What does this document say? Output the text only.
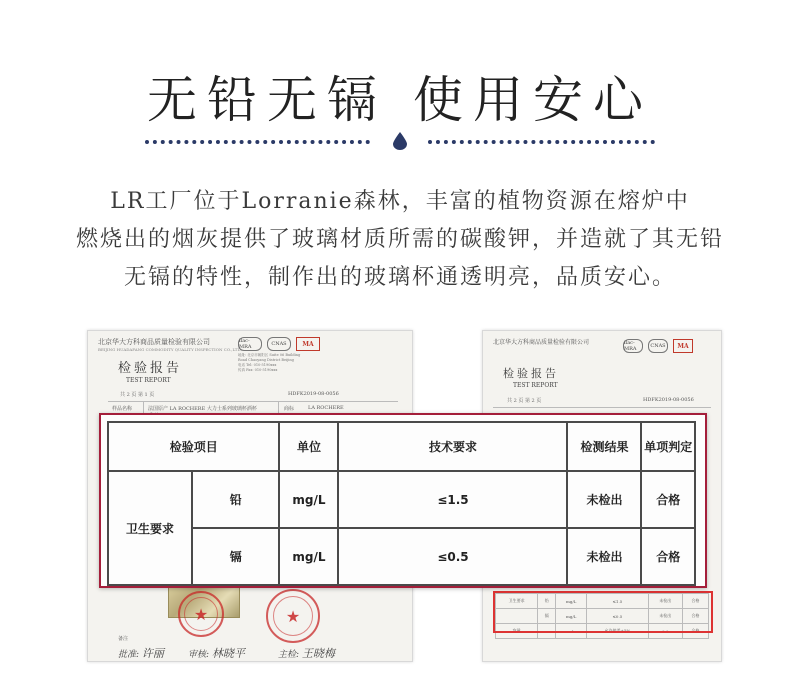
无铅无镉 使用安心
LR工厂位于Lorranie森林，丰富的植物资源在熔炉中
燃烧出的烟灰提供了玻璃材质所需的碳酸钾，并造就了其无铅
无镉的特性，制作出的玻璃杯通透明亮，品质安心。
北京华大方科商品质量检验有限公司
BEIJING HUADAFANG COMMODITY QUALITY INSPECTION CO.,LTD.
ilac-MRA	CNAS	MA
地址: 北京市朝阳区 Suite 06 Building
Road Chaoyang District Beijing
电话 Tel: 010-5190xxx
传真 Fax: 010-5190xxx
检验报告
TEST REPORT
共 2 页 第 1 页	HDFK2019-08-0056
样品名称	法国原产 LA ROCHERE 大力士系列玻璃杯酒杯	商标	LA ROCHERE
★	★
备注
批准: 许丽	审核: 林晓平	主检: 王晓梅
北京华大方科商品质量检验有限公司	ilac-MRA	CNAS	MA
检验报告
TEST REPORT
共 2 页 第 2 页	HDFK2019-08-0056
卫生要求	铅	mg/L	≤1.5	未检出	合格
	镉	mg/L	≤0.5	未检出	合格
容量		mL	允许偏差±5%	0.6	合格
检验项目		单位	技术要求	检测结果	单项判定
卫生要求	铅	mg/L	≤1.5	未检出	合格
	镉	mg/L	≤0.5	未检出	合格
